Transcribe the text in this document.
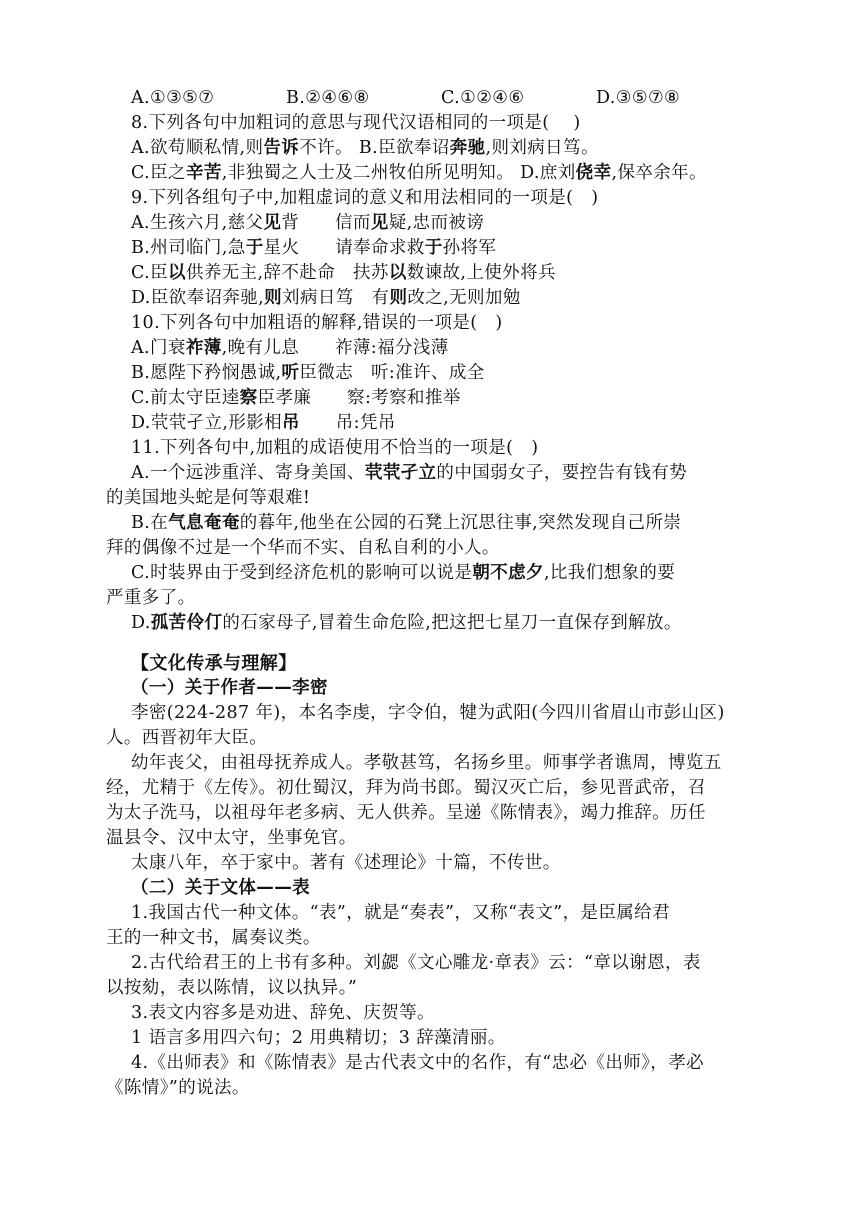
A.①③⑤⑦	B.②④⑥⑧	C.①②④⑥	D.③⑤⑦⑧
8.下列各句中加粗词的意思与现代汉语相同的一项是(　 )
A.欲苟顺私情,则告诉不许。 B.臣欲奉诏奔驰,则刘病日笃。
C.臣之辛苦,非独蜀之人士及二州牧伯所见明知。 D.庶刘侥幸,保卒余年。
9.下列各组句子中,加粗虚词的意义和用法相同的一项是(　)
A.生孩六月,慈父见背　　信而见疑,忠而被谤
B.州司临门,急于星火　　请奉命求救于孙将军
C.臣以供养无主,辞不赴命　扶苏以数谏故,上使外将兵
D.臣欲奉诏奔驰,则刘病日笃　有则改之,无则加勉
10.下列各句中加粗语的解释,错误的一项是(　)
A.门衰祚薄,晚有儿息　　祚薄:福分浅薄
B.愿陛下矜悯愚诚,听臣微志　听:准许、成全
C.前太守臣逵察臣孝廉　　察:考察和推举
D.茕茕孑立,形影相吊　　吊:凭吊
11.下列各句中,加粗的成语使用不恰当的一项是(　)
A.一个远涉重洋、寄身美国、茕茕孑立的中国弱女子，要控告有钱有势
的美国地头蛇是何等艰难!
B.在气息奄奄的暮年,他坐在公园的石凳上沉思往事,突然发现自己所崇
拜的偶像不过是一个华而不实、自私自利的小人。
C.时装界由于受到经济危机的影响可以说是朝不虑夕,比我们想象的要
严重多了。
D.孤苦伶仃的石家母子,冒着生命危险,把这把七星刀一直保存到解放。
【文化传承与理解】
（一）关于作者——李密
李密(224-287 年)，本名李虔，字令伯，犍为武阳(今四川省眉山市彭山区)
人。西晋初年大臣。
幼年丧父，由祖母抚养成人。孝敬甚笃，名扬乡里。师事学者谯周，博览五
经，尤精于《左传》。初仕蜀汉，拜为尚书郎。蜀汉灭亡后，参见晋武帝，召
为太子洗马，以祖母年老多病、无人供养。呈递《陈情表》，竭力推辞。历任
温县令、汉中太守，坐事免官。
太康八年，卒于家中。著有《述理论》十篇，不传世。
（二）关于文体——表
1.我国古代一种文体。“表”，就是“奏表”，又称“表文”，是臣属给君
王的一种文书，属奏议类。
2.古代给君王的上书有多种。刘勰《文心雕龙·章表》云：“章以谢恩，表
以按劾，表以陈情，议以执异。”
3.表文内容多是劝进、辞免、庆贺等。
1 语言多用四六句；2 用典精切；3 辞藻清丽。
4.《出师表》和《陈情表》是古代表文中的名作，有“忠必《出师》，孝必
《陈情》”的说法。
